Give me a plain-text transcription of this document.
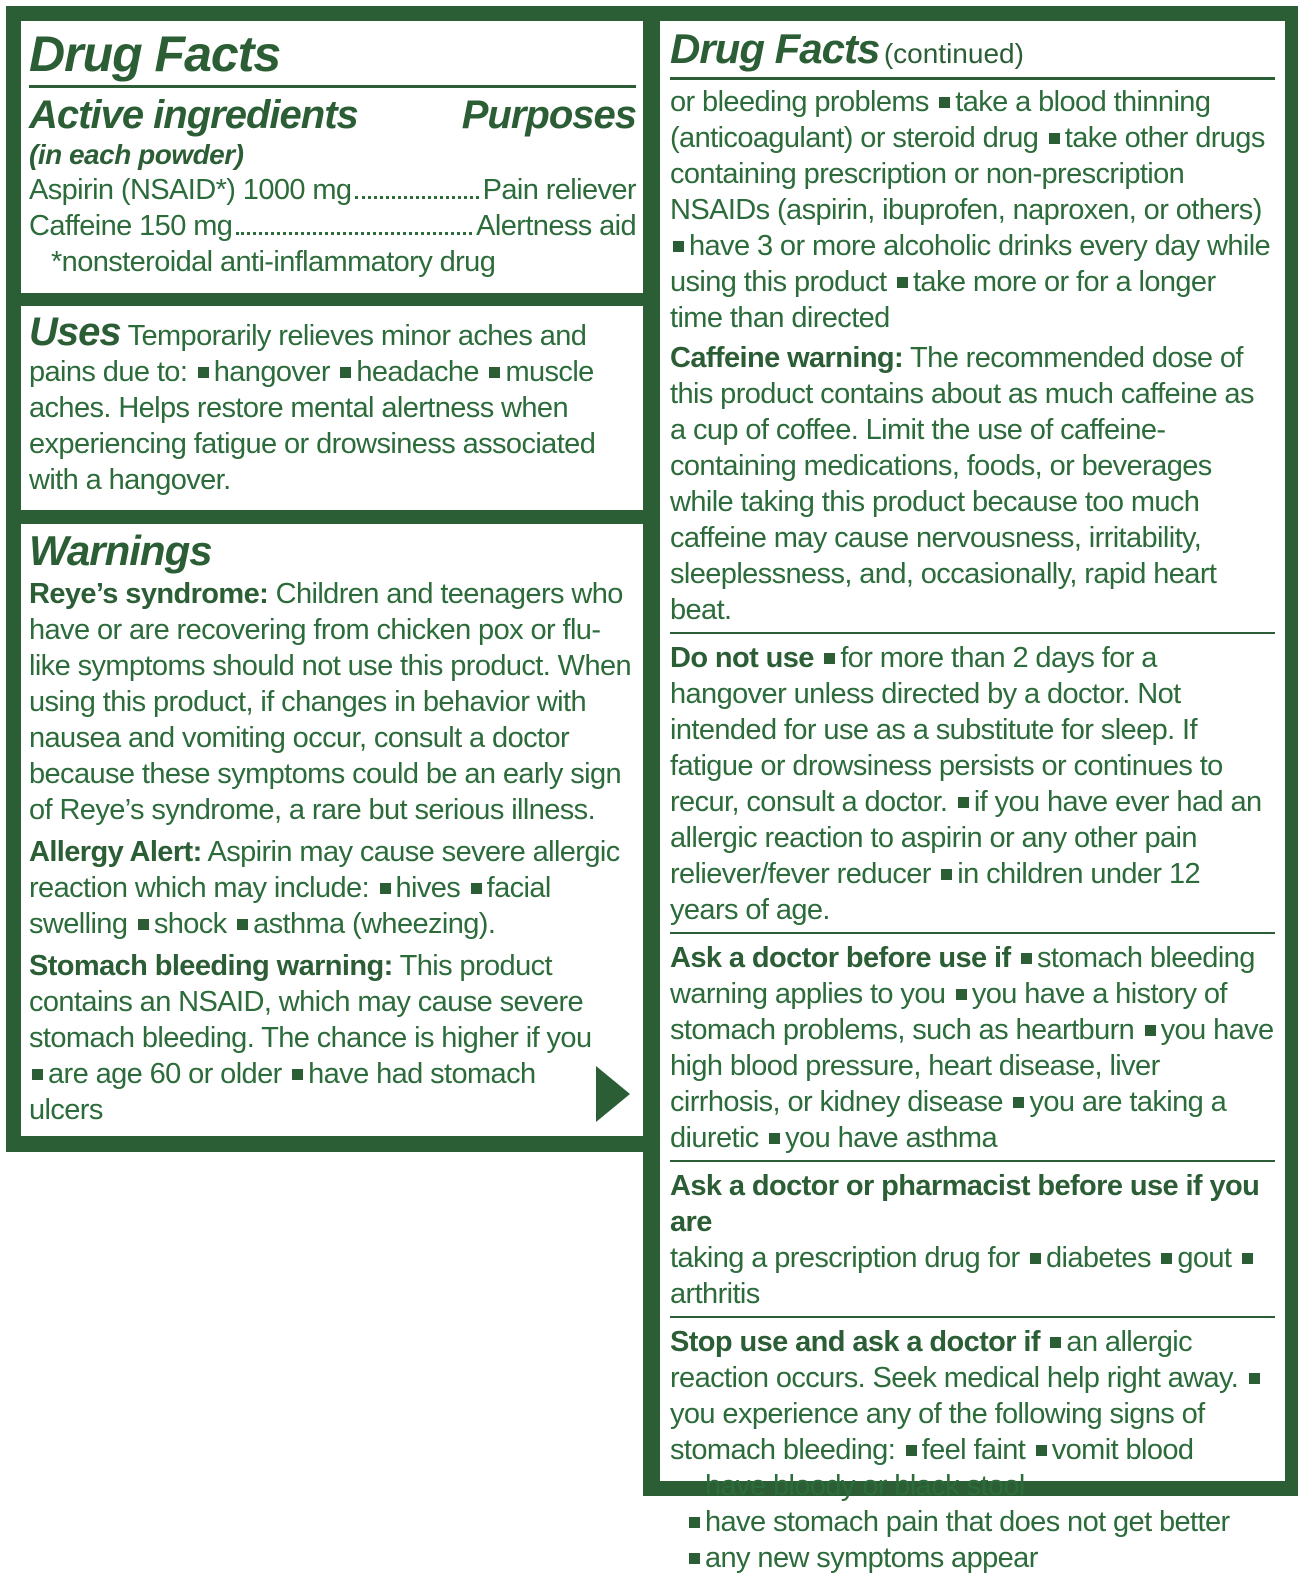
Drug Facts
Active ingredients	Purposes
(in each powder)
Aspirin (NSAID*) 1000 mg	Pain reliever
Caffeine 150 mg	Alertness aid
*nonsteroidal anti-inflammatory drug
Uses Temporarily relieves minor aches and pains due to: hangover headache muscle aches. Helps restore mental alertness when experiencing fatigue or drowsiness associated with a hangover.
Warnings
Reye’s syndrome: Children and teenagers who have or are recovering from chicken pox or flu-like symptoms should not use this product. When using this product, if changes in behavior with nausea and vomiting occur, consult a doctor because these symptoms could be an early sign of Reye’s syndrome, a rare but serious illness.
Allergy Alert: Aspirin may cause severe allergic reaction which may include: hives facial swelling shock asthma (wheezing).
Stomach bleeding warning: This product contains an NSAID, which may cause severe stomach bleeding. The chance is higher if you are age 60 or older have had stomach ulcers
Drug Facts (continued)
or bleeding problems take a blood thinning (anticoagulant) or steroid drug take other drugs containing prescription or non-prescription NSAIDs (aspirin, ibuprofen, naproxen, or others) have 3 or more alcoholic drinks every day while using this product take more or for a longer time than directed
Caffeine warning: The recommended dose of this product contains about as much caffeine as a cup of coffee. Limit the use of caffeine-containing medications, foods, or beverages while taking this product because too much caffeine may cause nervousness, irritability, sleeplessness, and, occasionally, rapid heart beat.
Do not use for more than 2 days for a hangover unless directed by a doctor. Not intended for use as a substitute for sleep. If fatigue or drowsiness persists or continues to recur, consult a doctor. if you have ever had an allergic reaction to aspirin or any other pain reliever/fever reducer in children under 12 years of age.
Ask a doctor before use if stomach bleeding warning applies to you you have a history of stomach problems, such as heartburn you have high blood pressure, heart disease, liver cirrhosis, or kidney disease you are taking a diuretic you have asthma
Ask a doctor or pharmacist before use if you are
taking a prescription drug for diabetes gout arthritis
Stop use and ask a doctor if an allergic reaction occurs. Seek medical help right away. you experience any of the following signs of stomach bleeding: feel faint vomit blood
have bloody or black stool
have stomach pain that does not get better
any new symptoms appear
